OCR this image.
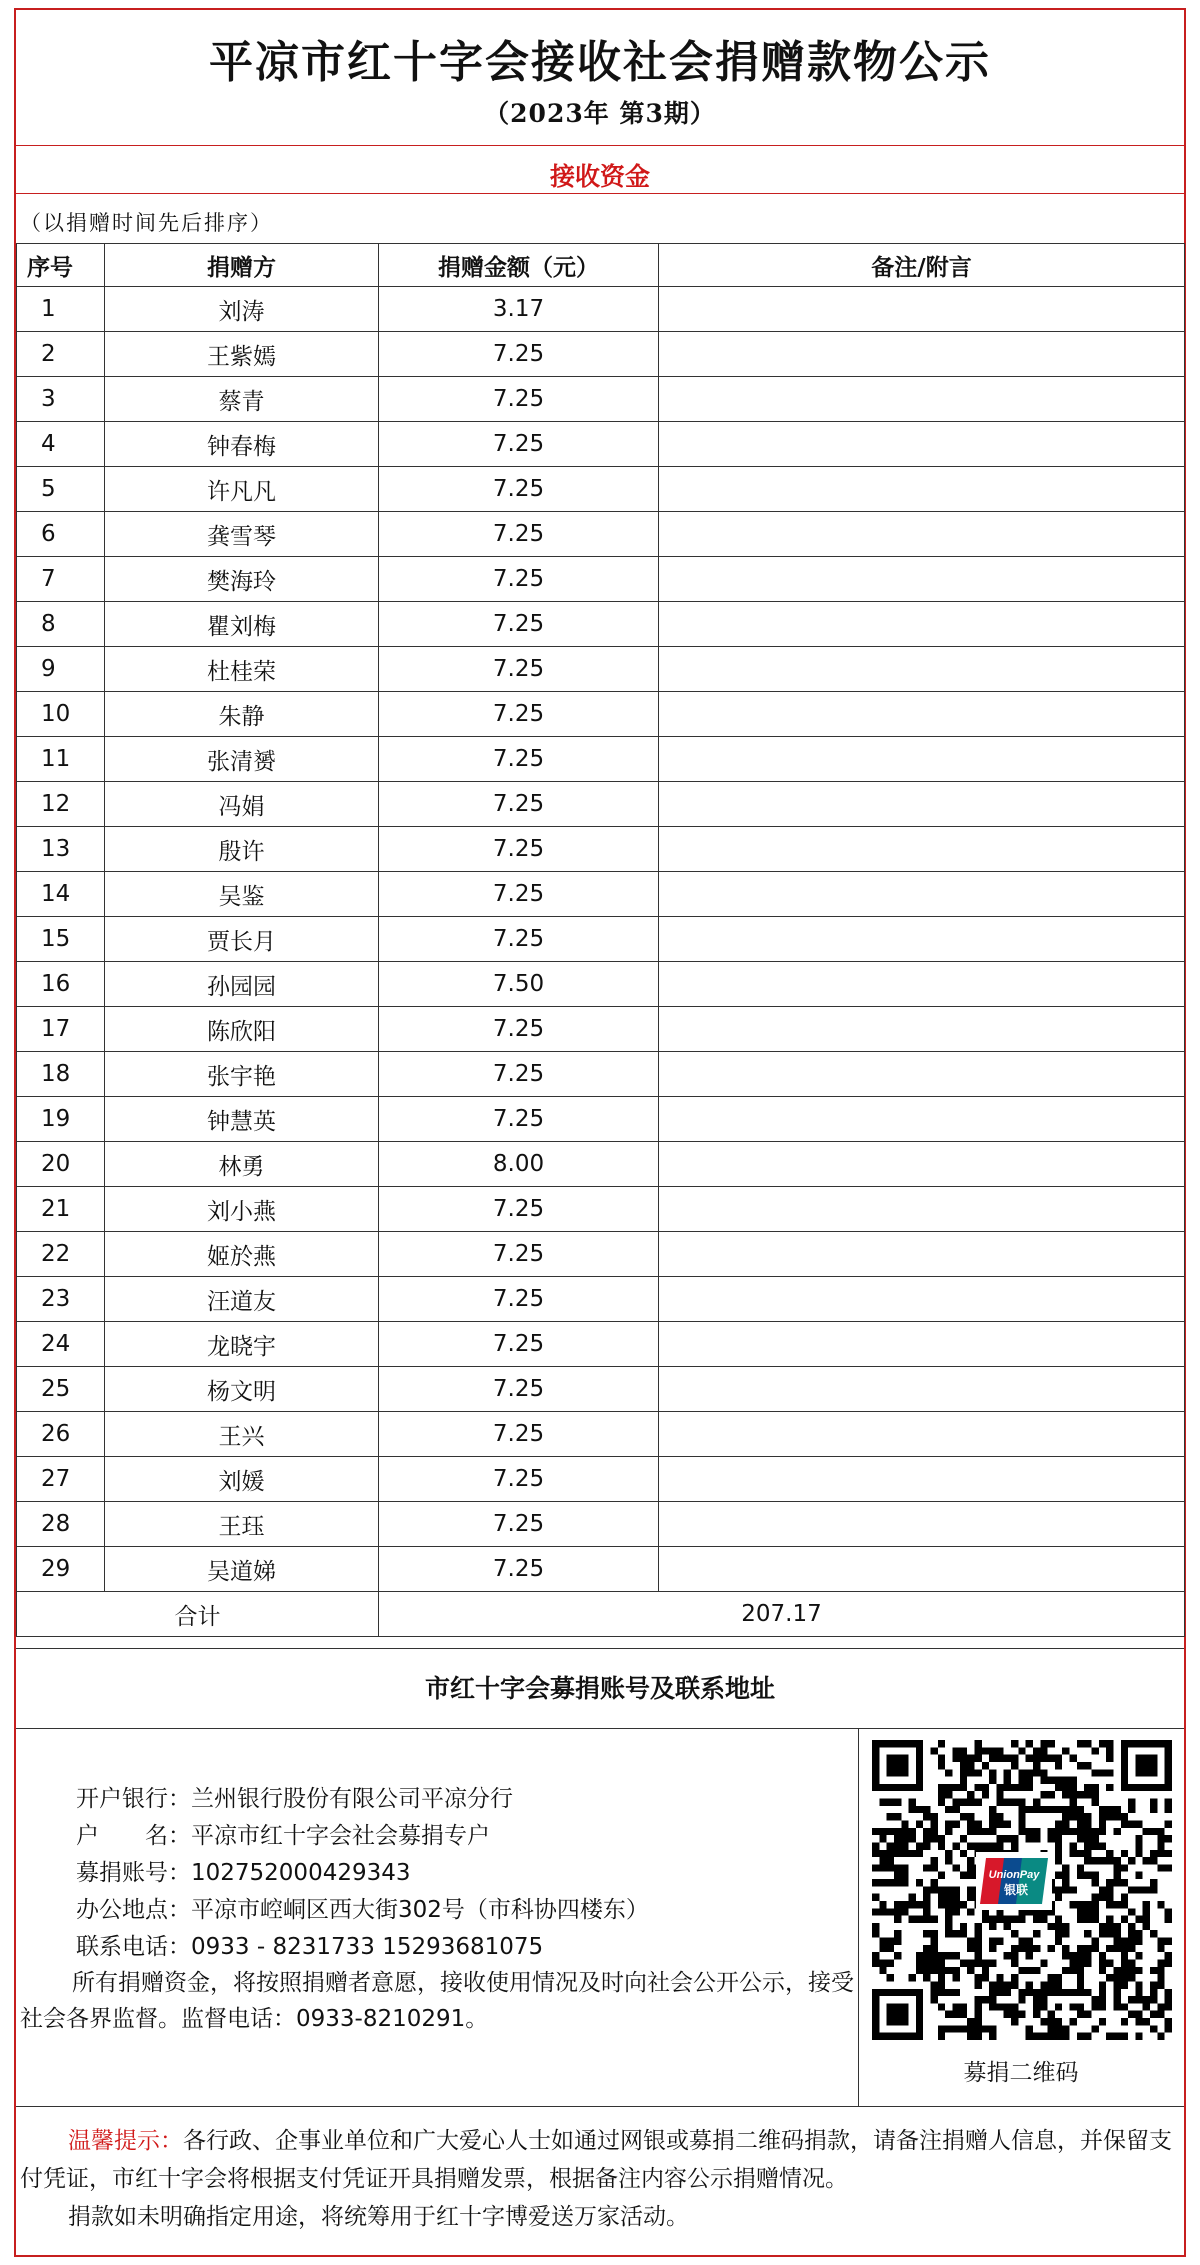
平凉市红十字会接收社会捐赠款物公示
（2023年 第3期）
接收资金
（以捐赠时间先后排序）
序号	捐赠方	捐赠金额（元）	备注/附言
1	刘涛	3.17	
2	王紫嫣	7.25	
3	蔡青	7.25	
4	钟春梅	7.25	
5	许凡凡	7.25	
6	龚雪琴	7.25	
7	樊海玲	7.25	
8	瞿刘梅	7.25	
9	杜桂荣	7.25	
10	朱静	7.25	
11	张清赟	7.25	
12	冯娟	7.25	
13	殷许	7.25	
14	吴鉴	7.25	
15	贾长月	7.25	
16	孙园园	7.50	
17	陈欣阳	7.25	
18	张宇艳	7.25	
19	钟慧英	7.25	
20	林勇	8.00	
21	刘小燕	7.25	
22	姬於燕	7.25	
23	汪道友	7.25	
24	龙晓宇	7.25	
25	杨文明	7.25	
26	王兴	7.25	
27	刘媛	7.25	
28	王珏	7.25	
29	吴道娣	7.25	
合计		207.17	
市红十字会募捐账号及联系地址
开户银行：兰州银行股份有限公司平凉分行
户　　名：平凉市红十字会社会募捐专户
募捐账号：102752000429343
办公地点：平凉市崆峒区西大街302号（市科协四楼东）
联系电话：0933 - 8231733 15293681075
所有捐赠资金，将按照捐赠者意愿，接收使用情况及时向社会公开公示，接受社会各界监督。监督电话：0933-8210291。
UnionPay
银联
募捐二维码

温馨提示：各行政、企事业单位和广大爱心人士如通过网银或募捐二维码捐款，请备注捐赠人信息，并保留支付凭证，市红十字会将根据支付凭证开具捐赠发票，根据备注内容公示捐赠情况。

捐款如未明确指定用途，将统筹用于红十字博爱送万家活动。
